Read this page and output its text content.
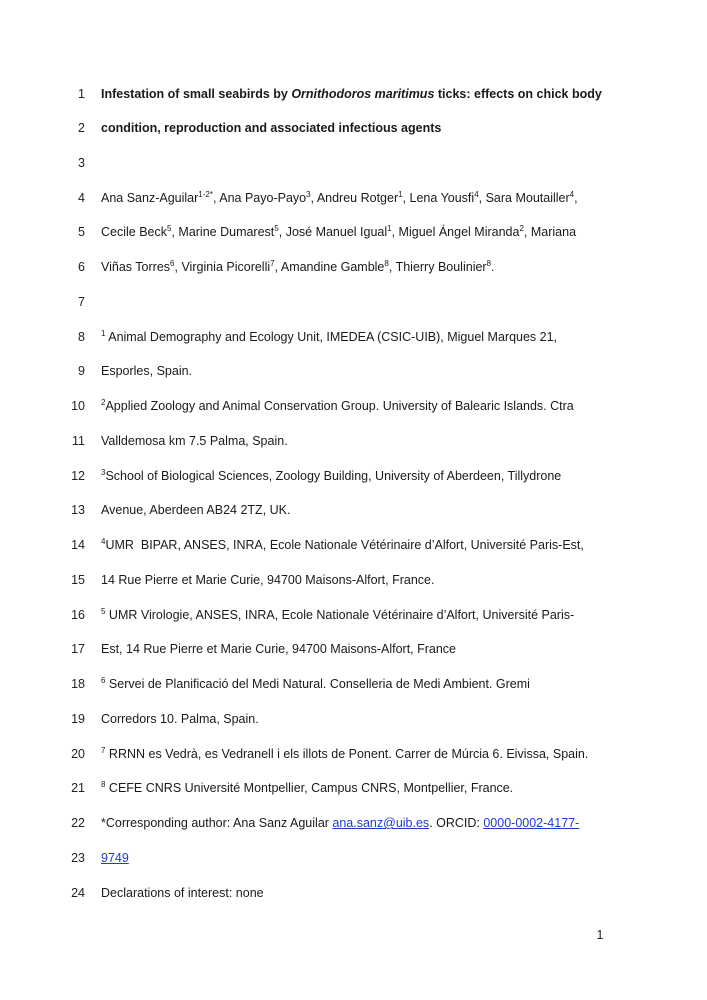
1 Infestation of small seabirds by Ornithodoros maritimus ticks: effects on chick body
2 condition, reproduction and associated infectious agents
3
4 Ana Sanz-Aguilar$^{1-2*}$, Ana Payo-Payo$^3$, Andreu Rotger$^1$, Lena Yousfi$^4$, Sara Moutailler$^4$,
5 Cecile Beck$^5$, Marine Dumarest$^5$, José Manuel Igual$^1$, Miguel Ángel Miranda$^2$, Mariana
6 Viñas Torres$^6$, Virginia Picorelli$^7$, Amandine Gamble$^8$, Thierry Boulinier$^8$.
7
8 $^1$ Animal Demography and Ecology Unit, IMEDEA (CSIC-UIB), Miguel Marques 21,
9 Esporles, Spain.
10 $^2$Applied Zoology and Animal Conservation Group. University of Balearic Islands. Ctra
11 Valldemosa km 7.5 Palma, Spain.
12 $^3$School of Biological Sciences, Zoology Building, University of Aberdeen, Tillydrone
13 Avenue, Aberdeen AB24 2TZ, UK.
14 $^4$UMR  BIPAR, ANSES, INRA, Ecole Nationale Vétérinaire d’Alfort, Université Paris-Est,
15 14 Rue Pierre et Marie Curie, 94700 Maisons-Alfort, France.
16 $^5$ UMR Virologie, ANSES, INRA, Ecole Nationale Vétérinaire d’Alfort, Université Paris-
17 Est, 14 Rue Pierre et Marie Curie, 94700 Maisons-Alfort, France
18 $^6$ Servei de Planificació del Medi Natural. Conselleria de Medi Ambient. Gremi
19 Corredors 10. Palma, Spain.
20 $^7$ RRNN es Vedrà, es Vedranell i els illots de Ponent. Carrer de Múrcia 6. Eivissa, Spain.
21 $^8$ CEFE CNRS Université Montpellier, Campus CNRS, Montpellier, France.
22 *Corresponding author: Ana Sanz Aguilar ana.sanz@uib.es. ORCID: 0000-0002-4177-
23 9749
24 Declarations of interest: none
1
